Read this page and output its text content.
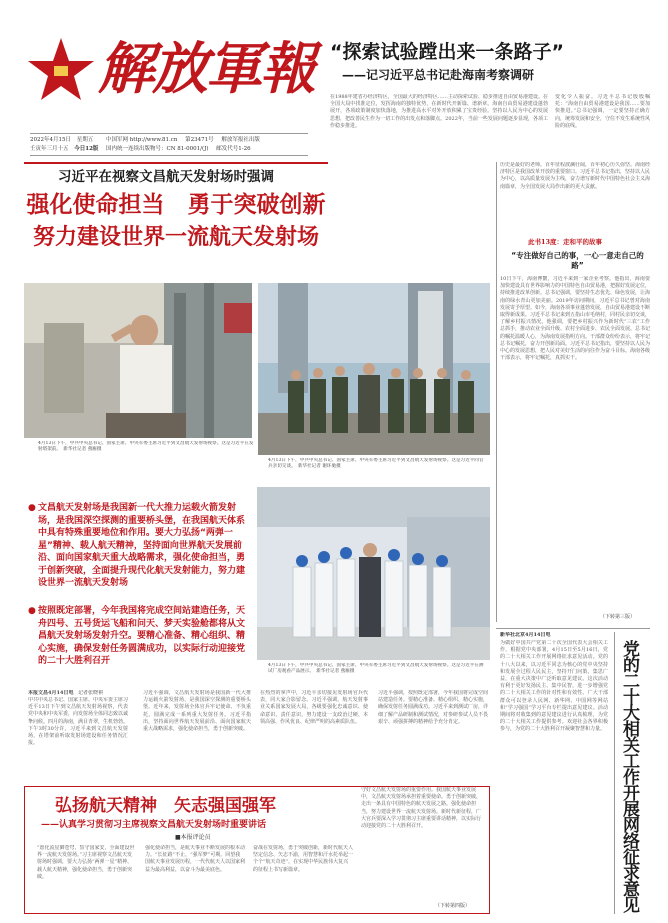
解放軍報
2022年4月15日 星期五
壬寅年三月十五 今日12版
中国军网 http://www.81.cn 第23471号 解放军报社出版
国内统一连续出版物号：CN 81-0001/(J) 邮发代号1-26
“探索试验蹚出来一条路子”
——记习近平总书记赴海南考察调研
在1988年建省办经济特区，全国最大的经济特区……主动探索试验、稳步推进自由贸易港建设。在全国大局中找准定位，发挥海南的独特优势，在新时代开新篇、谱新章。海南自由贸易港建设蓬勃展开，各项政策制度加快落地，为推进高水平对外开放积累了宝贵经验。坚持以人民为中心的发展思想，把改善民生作为一切工作的出发点和落脚点。2022年，当前一些发展问题逐步显现，各项工作稳步推进。
变化令人振奋。习近平总书记殷殷嘱托：“海南自由贸易港建设是我国……要加快推进。”总书记强调，一定要坚持正确方向，统筹发展和安全，守住不发生系统性风险的底线。
习近平在视察文昌航天发射场时强调
强化使命担当　勇于突破创新
努力建设世界一流航天发射场
4月13日下午，中共中央总书记、国家主席、中央军委主席习近平到文昌航天发射场视察。这是习近平在发射塔架前。　新华社记者 燕雁摄
4月13日下午，中共中央总书记、国家主席、中央军委主席习近平到文昌航天发射场视察。这是习近平同官兵亲切交谈。　新华社记者 谢环驰摄
● 文昌航天发射场是我国新一代大推力运载火箭发射场，是我国深空探测的重要桥头堡，在我国航天体系中具有特殊重要地位和作用。要大力弘扬“两弹一星”精神、载人航天精神，坚持面向世界航天发展前沿、面向国家航天重大战略需求，强化使命担当，勇于创新突破，全面提升现代化航天发射能力，努力建设世界一流航天发射场
● 按照既定部署，今年我国将完成空间站建造任务，天舟四号、五号货运飞船和问天、梦天实验舱都将从文昌航天发射场发射升空。要精心准备、精心组织、精心实施，确保发射任务圆满成功，以实际行动迎接党的二十大胜利召开	4月13日下午，中共中央总书记、国家主席、中央军委主席习近平到文昌航天发射场视察。这是习近平在测试厂房观看产品展示。　新华社记者 燕雁摄
本报文昌4月14日电 记者张晓祺
中共中央总书记、国家主席、中央军委主席习近平13日下午到文昌航天发射场视察，代表党中央和中央军委，向发射场全体同志致以诚挚问候。四月的海南，满目青翠，生机勃勃。下午3时30分许，习近平来到文昌航天发射场，在塔架前听取发射场建设和任务情况汇报。
习近平强调，文昌航天发射场是我国新一代大推力运载火箭发射场，是我国深空探测的重要桥头堡。近年来，发射场全体官兵牢记使命、不负重托，圆满完成一系列重大发射任务。习近平指出，坚持面向世界航天发展前沿、面向国家航天重大战略需求，强化使命担当，勇于创新突破。
在热烈的掌声中，习近平亲切接见发射场官兵代表，同大家合影留念。习近平强调，航天发射事业关系国家发展大局，各级要强化忠诚意识、使命意识、责任意识，努力建设一支政治过硬、本领高强、作风优良、纪律严明的高素质队伍。
习近平强调，按照既定部署，今年我国将完成空间站建造任务。要精心准备、精心组织、精心实施，确保发射任务圆满成功。习近平来到测试厂房，详细了解产品研制和测试情况，对参研参试人员不畏艰辛、顽强拼搏的精神给予充分肯定。
弘扬航天精神　矢志强国强军
——认真学习贯彻习主席视察文昌航天发射场时重要讲话
■本报评论员
“愿化流星御苍穹，誓守国家安，全面建设世界一流航天发射场。”习主席视察文昌航天发射场时强调，要大力弘扬“两弹一星”精神、载人航天精神，强化使命担当，勇于创新突破。
强化使命担当，是航天事业不断发展的根本动力。“长征路”不止，“强军梦”可期。回望我国航天事业发展历程，一代代航天人以国家利益为最高利益，以奋斗为最美底色。
奋战在发射场，勇于突破创新，新时代航天人坚定信念、矢志不渝，用智慧和汗水托举起一个个“航天奇迹”，在实现中华民族伟大复兴的征程上书写新篇章。
守好文昌航天发射场的重要作用。我国航天事业发展中，文昌航天发射场承担着重要使命。勇于创新突破，走出一条具有中国特色的航天发展之路。强化使命担当，努力建设世界一流航天发射场。新时代新征程，广大官兵要深入学习贯彻习主席重要讲话精神，以实际行动迎接党的二十大胜利召开。
（下转第四版）
历史是最好的老师。百年征程波澜壮阔，百年初心历久弥坚。海南经济特区是我国改革开放的重要窗口。习近平总书记指出，坚持以人民为中心，以高质量发展为主线，奋力谱写新时代中国特色社会主义海南篇章，为全国发展大局作出新的更大贡献。
此书13度：走和平的故事
“专注做好自己的事，一心一意走自己的路”
10日下午，海南博鳌，习近平来到一家企业考察。他指出，海南要加快建设具有世界影响力的中国特色自由贸易港，把握好发展定位，持续推进改革创新。总书记强调，要坚持生态优先、绿色发展，让海南的绿水青山更加美丽。2019年访问期间，习近平总书记曾对海南发展寄予厚望。如今，海南各项事业蓬勃发展，自由贸易港建设不断取得新成果。习近平总书记来到五指山市毛纳村，同村民亲切交谈，了解乡村振兴情况。他强调，要把乡村振兴作为新时代“三农”工作总抓手，推动农业全面升级、农村全面进步、农民全面发展。总书记的嘱托温暖人心，为海南发展指明方向。干部群众纷纷表示，将牢记总书记嘱托，奋力开创新局面。习近平总书记指出，要坚持以人民为中心的发展思想，把人民对美好生活的向往作为奋斗目标。海南各级干部表示，将牢记嘱托，真抓实干。
（下转第三版）
新华社北京4月14日电
为做好中国共产党第二十次全国代表大会相关工作，根据党中央部署，4月15日至5月16日，党的二十大相关工作开展网络征求意见活动。党的十八大以来，以习近平同志为核心的党中央坚持和发展全过程人民民主，坚持开门问策、集思广益，在重大决策中广泛听取意见建议。这次活动有利于更好发扬民主、集中民智，进一步增强党的二十大相关工作的针对性和有效性。广大干部群众可以登录人民网、新华网、中国网等网站和“学习强国”学习平台专栏提出意见建议。活动期间将对收集到的意见建议进行认真梳理，为党的二十大相关工作提供参考。欢迎社会各界积极参与，为党的二十大胜利召开凝聚智慧和力量。
党的二十大相关工作开展网络征求意见
